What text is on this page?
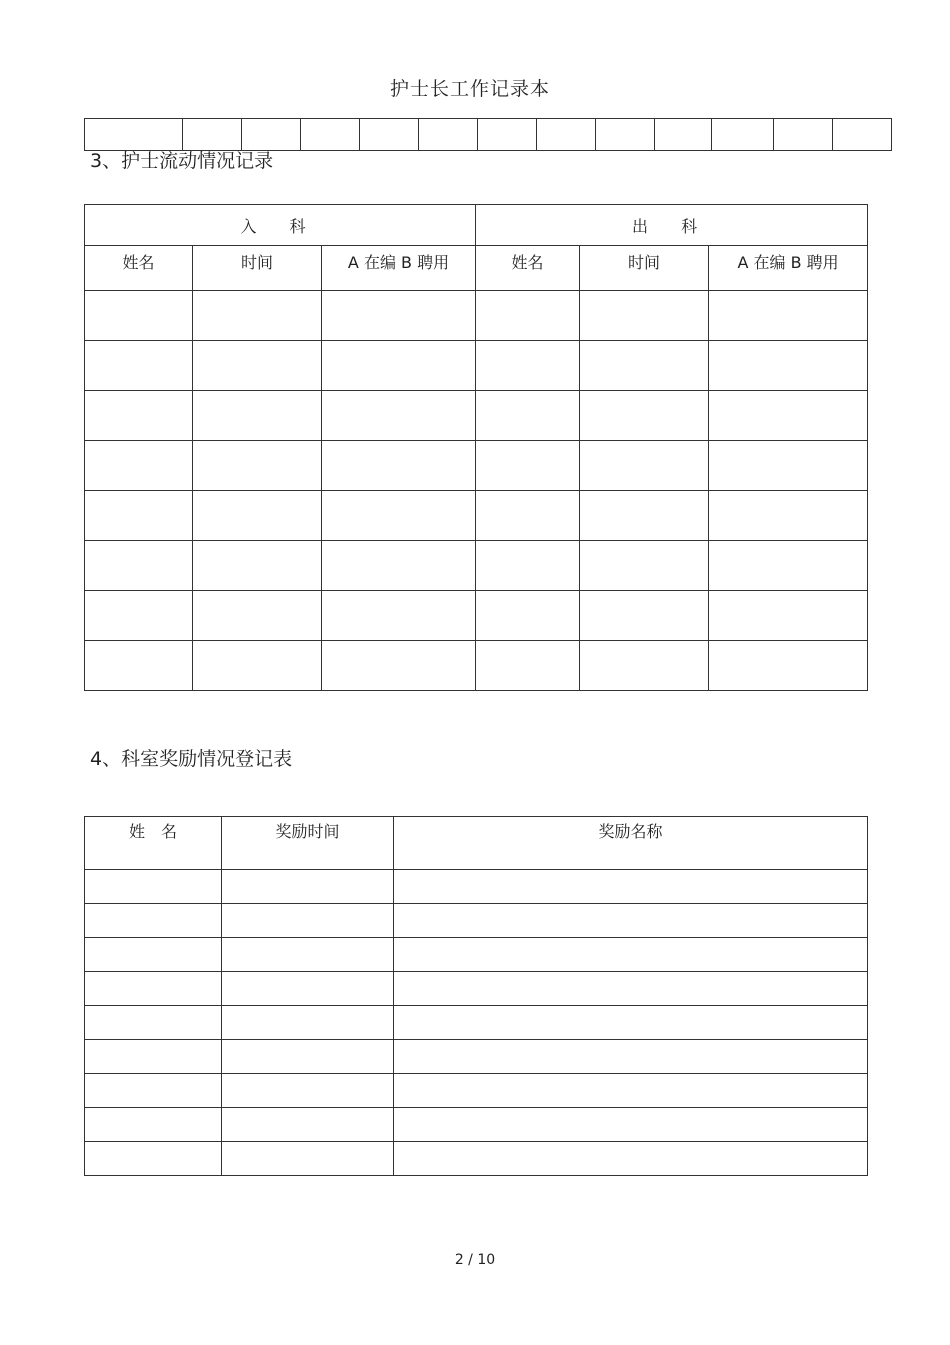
护士长工作记录本

3、护士流动情况记录
入 科			出 科		
姓名	时间	A 在编 B 聘用	姓名	时间	A 在编 B 聘用

4、科室奖励情况登记表
姓　名	奖励时间	奖励名称

2 / 10
